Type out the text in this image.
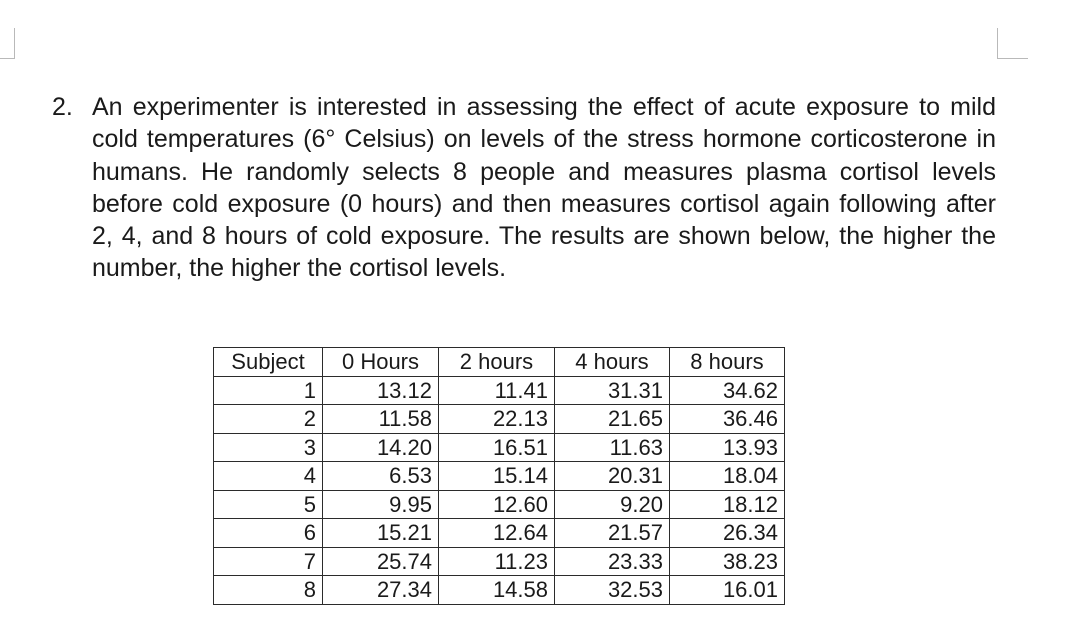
2. An experimenter is interested in assessing the effect of acute exposure to mild cold temperatures (6° Celsius) on levels of the stress hormone corticosterone in humans. He randomly selects 8 people and measures plasma cortisol levels before cold exposure (0 hours) and then measures cortisol again following after 2, 4, and 8 hours of cold exposure. The results are shown below, the higher the number, the higher the cortisol levels.
Subject	0 Hours	2 hours	4 hours	8 hours
1	13.12	11.41	31.31	34.62
2	11.58	22.13	21.65	36.46
3	14.20	16.51	11.63	13.93
4	6.53	15.14	20.31	18.04
5	9.95	12.60	9.20	18.12
6	15.21	12.64	21.57	26.34
7	25.74	11.23	23.33	38.23
8	27.34	14.58	32.53	16.01
